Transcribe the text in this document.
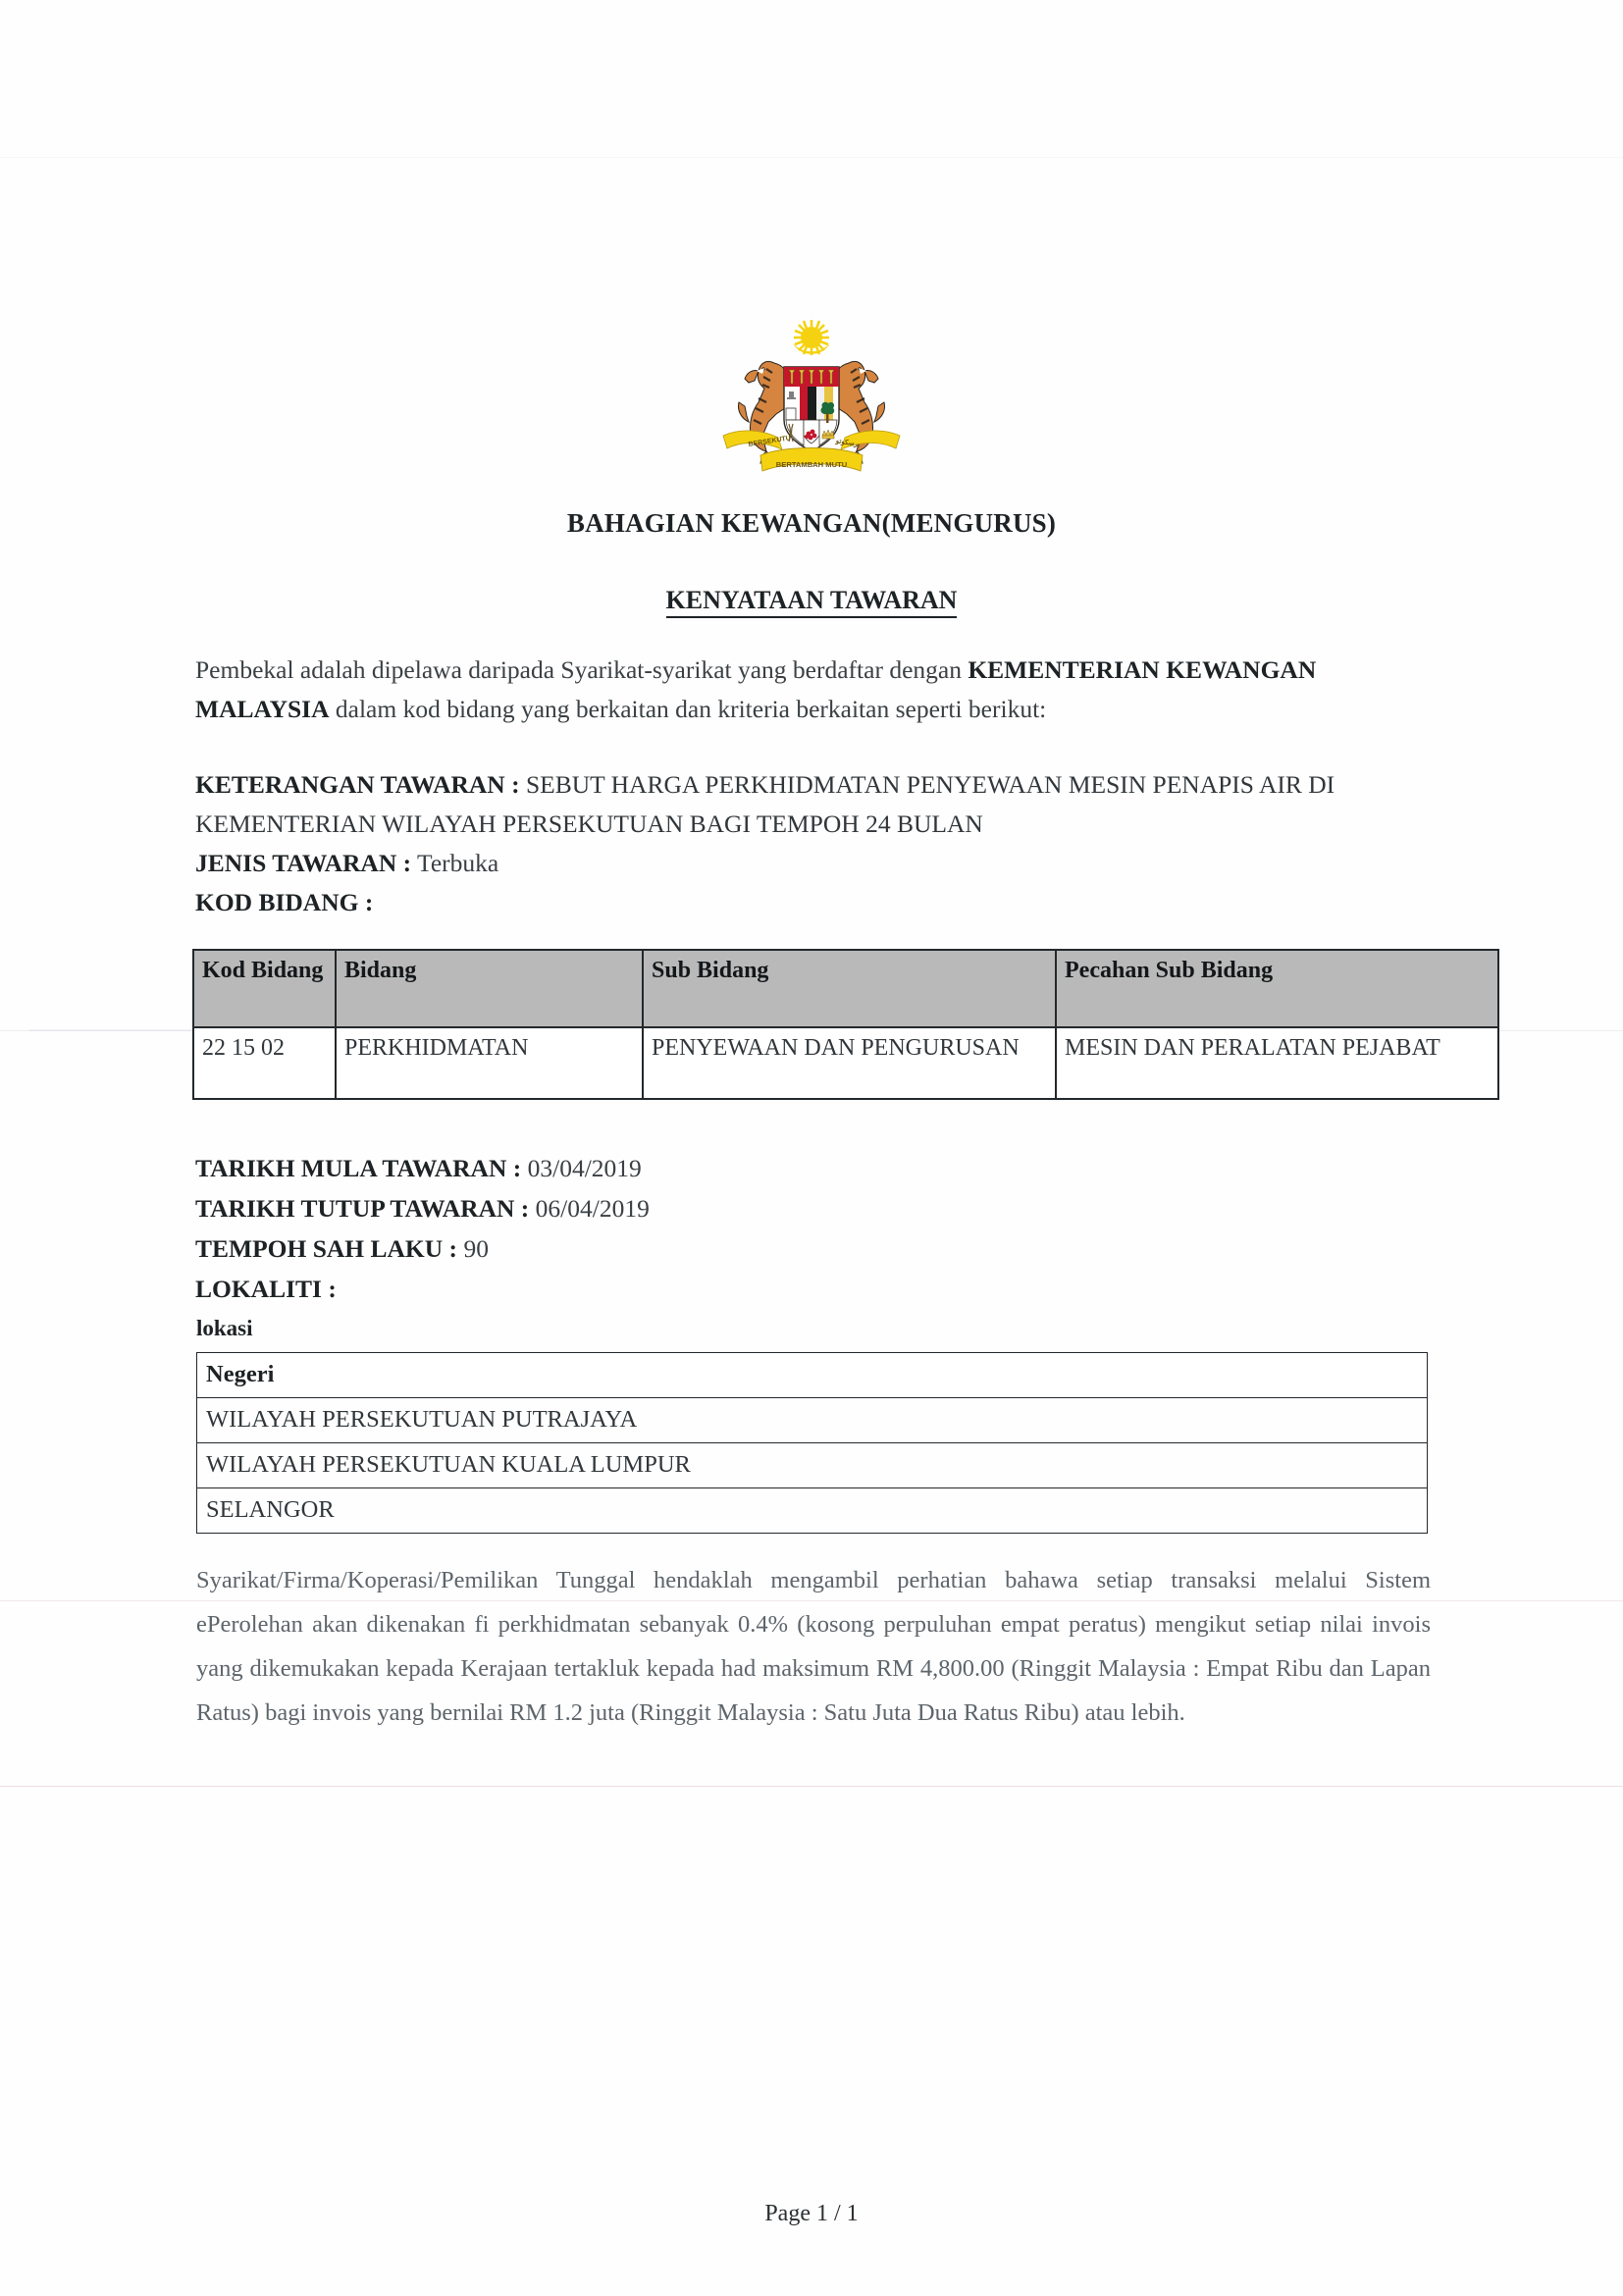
BERSEKUTU	برسكوتو
BERTAMBAH MUTU
BAHAGIAN KEWANGAN(MENGURUS)
KENYATAAN TAWARAN
Pembekal adalah dipelawa daripada Syarikat-syarikat yang berdaftar dengan KEMENTERIAN KEWANGAN MALAYSIA dalam kod bidang yang berkaitan dan kriteria berkaitan seperti berikut:
KETERANGAN TAWARAN : SEBUT HARGA PERKHIDMATAN PENYEWAAN MESIN PENAPIS AIR DI KEMENTERIAN WILAYAH PERSEKUTUAN BAGI TEMPOH 24 BULAN
JENIS TAWARAN : Terbuka
KOD BIDANG :
Kod Bidang	Bidang	Sub Bidang	Pecahan Sub Bidang
22 15 02	PERKHIDMATAN	PENYEWAAN DAN PENGURUSAN	MESIN DAN PERALATAN PEJABAT
TARIKH MULA TAWARAN : 03/04/2019
TARIKH TUTUP TAWARAN : 06/04/2019
TEMPOH SAH LAKU : 90
LOKALITI :
lokasi
Negeri
WILAYAH PERSEKUTUAN PUTRAJAYA
WILAYAH PERSEKUTUAN KUALA LUMPUR
SELANGOR
Syarikat/Firma/Koperasi/Pemilikan Tunggal hendaklah mengambil perhatian bahawa setiap transaksi melalui Sistem ePerolehan akan dikenakan fi perkhidmatan sebanyak 0.4% (kosong perpuluhan empat peratus) mengikut setiap nilai invois yang dikemukakan kepada Kerajaan tertakluk kepada had maksimum RM 4,800.00 (Ringgit Malaysia : Empat Ribu dan Lapan Ratus) bagi invois yang bernilai RM 1.2 juta (Ringgit Malaysia : Satu Juta Dua Ratus Ribu) atau lebih.
Page 1 / 1
